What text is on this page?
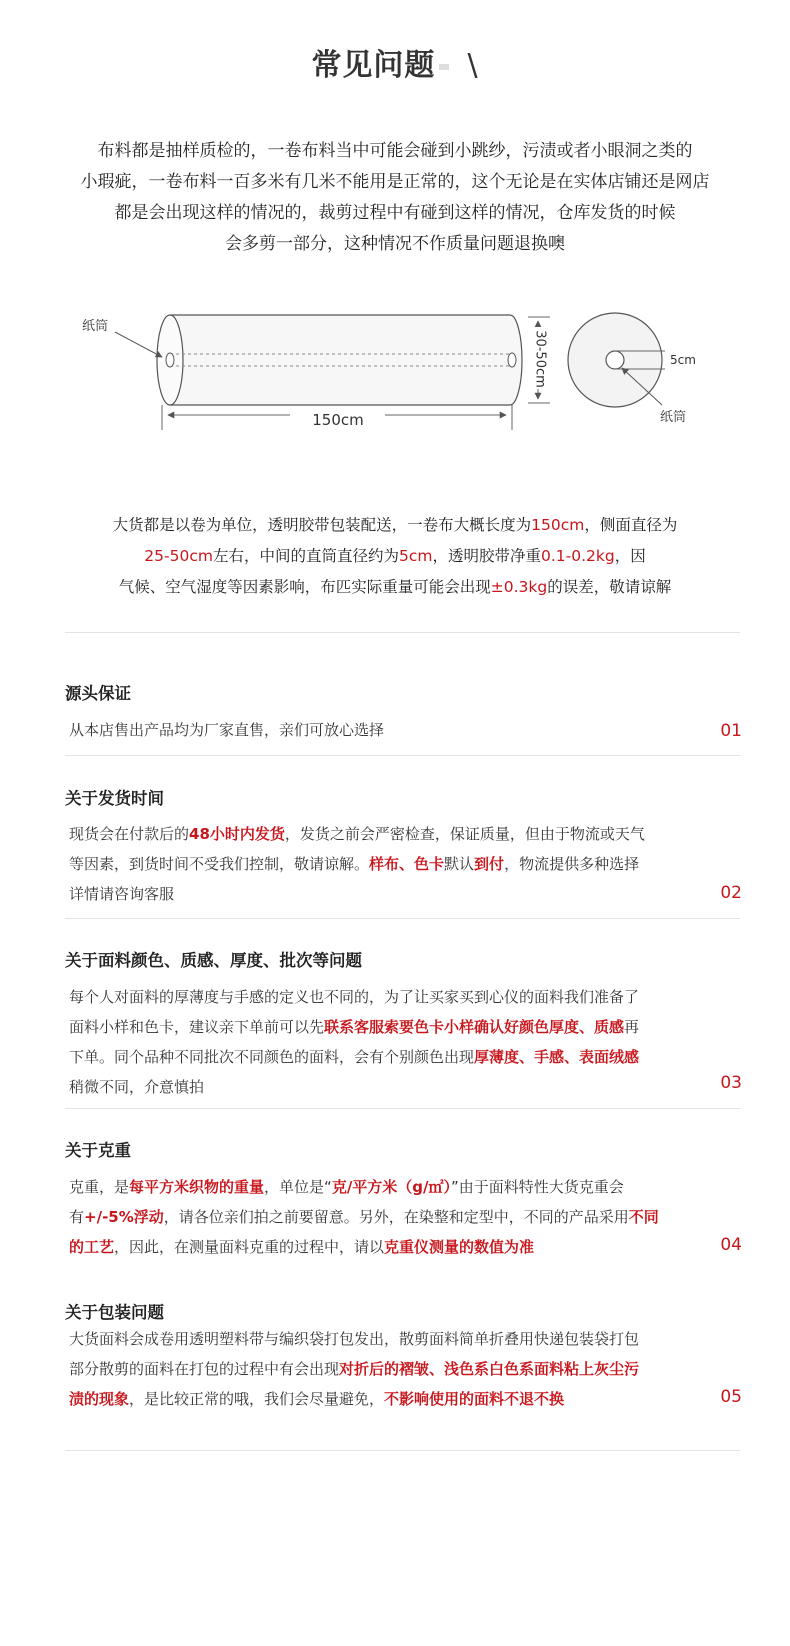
常见问题 \

布料都是抽样质检的，一卷布料当中可能会碰到小跳纱，污渍或者小眼洞之类的

小瑕疵，一卷布料一百多米有几米不能用是正常的，这个无论是在实体店铺还是网店

都是会出现这样的情况的，裁剪过程中有碰到这样的情况，仓库发货的时候

会多剪一部分，这种情况不作质量问题退换噢

纸筒
150cm
30-50cm	5cm
纸筒

大货都是以卷为单位，透明胶带包装配送，一卷布大概长度为150cm，侧面直径为

25-50cm左右，中间的直筒直径约为5cm，透明胶带净重0.1-0.2kg，因

气候、空气湿度等因素影响，布匹实际重量可能会出现±0.3kg的误差，敬请谅解

源头保证

从本店售出产品均为厂家直售，亲们可放心选择	01
关于发货时间

现货会在付款后的48小时内发货，发货之前会严密检查，保证质量，但由于物流或天气

等因素，到货时间不受我们控制，敬请谅解。样布、色卡默认到付，物流提供多种选择

详情请咨询客服	02
关于面料颜色、质感、厚度、批次等问题

每个人对面料的厚薄度与手感的定义也不同的，为了让买家买到心仪的面料我们准备了

面料小样和色卡，建议亲下单前可以先联系客服索要色卡小样确认好颜色厚度、质感再

下单。同个品种不同批次不同颜色的面料，会有个别颜色出现厚薄度、手感、表面绒感

稍微不同，介意慎拍	03
关于克重

克重，是每平方米织物的重量，单位是“克/平方米（g/㎡）”由于面料特性大货克重会

有+/-5%浮动，请各位亲们拍之前要留意。另外，在染整和定型中，不同的产品采用不同

的工艺，因此，在测量面料克重的过程中，请以克重仪测量的数值为准	04
关于包装问题

大货面料会成卷用透明塑料带与编织袋打包发出，散剪面料简单折叠用快递包装袋打包

部分散剪的面料在打包的过程中有会出现对折后的褶皱、浅色系白色系面料粘上灰尘污

渍的现象，是比较正常的哦，我们会尽量避免，不影响使用的面料不退不换	05
